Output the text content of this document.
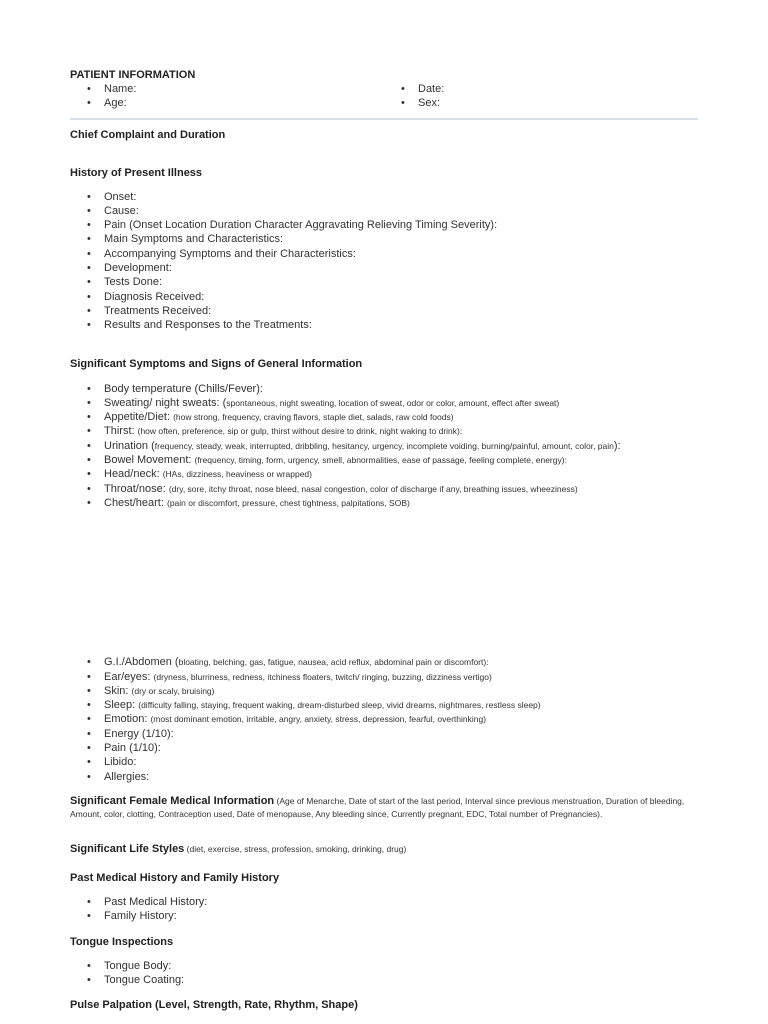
PATIENT INFORMATION

• Name:
• Age:
• Date:
• Sex:

Chief Complaint and Duration

History of Present Illness

• Onset:
• Cause:
• Pain (Onset Location Duration Character Aggravating Relieving Timing Severity):
• Main Symptoms and Characteristics:
• Accompanying Symptoms and their Characteristics:
• Development:
• Tests Done:
• Diagnosis Received:
• Treatments Received:
• Results and Responses to the Treatments:

Significant Symptoms and Signs of General Information

• Body temperature (Chills/Fever):
• Sweating/ night sweats: (spontaneous, night sweating, location of sweat, odor or color, amount, effect after sweat)
• Appetite/Diet: (how strong, frequency, craving flavors, staple diet, salads, raw cold foods)
• Thirst: (how often, preference, sip or gulp, thirst without desire to drink, night waking to drink):
• Urination (frequency, steady, weak, interrupted, dribbling, hesitancy, urgency, incomplete voiding, burning/painful, amount, color, pain):
• Bowel Movement: (frequency, timing, form, urgency, smell, abnormalities, ease of passage, feeling complete, energy):
• Head/neck: (HAs, dizziness, heaviness or wrapped)
• Throat/nose: (dry, sore, itchy throat, nose bleed, nasal congestion, color of discharge if any, breathing issues, wheeziness)
• Chest/heart: (pain or discomfort, pressure, chest tightness, palpitations, SOB)
• G.I./Abdomen (bloating, belching, gas, fatigue, nausea, acid reflux, abdominal pain or discomfort):
• Ear/eyes: (dryness, blurriness, redness, itchiness floaters, twitch/ ringing, buzzing, dizziness vertigo)
• Skin: (dry or scaly, bruising)
• Sleep: (difficulty falling, staying, frequent waking, dream-disturbed sleep, vivid dreams, nightmares, restless sleep)
• Emotion: (most dominant emotion, irritable, angry, anxiety, stress, depression, fearful, overthinking)
• Energy (1/10):
• Pain (1/10):
• Libido:
• Allergies:

Significant Female Medical Information (Age of Menarche, Date of start of the last period, Interval since previous menstruation, Duration of bleeding, Amount, color, clotting, Contraception used, Date of menopause, Any bleeding since, Currently pregnant, EDC, Total number of Pregnancies).

Significant Life Styles (diet, exercise, stress, profession, smoking, drinking, drug)

Past Medical History and Family History

• Past Medical History:
• Family History:

Tongue Inspections

• Tongue Body:
• Tongue Coating:

Pulse Palpation (Level, Strength, Rate, Rhythm, Shape)
